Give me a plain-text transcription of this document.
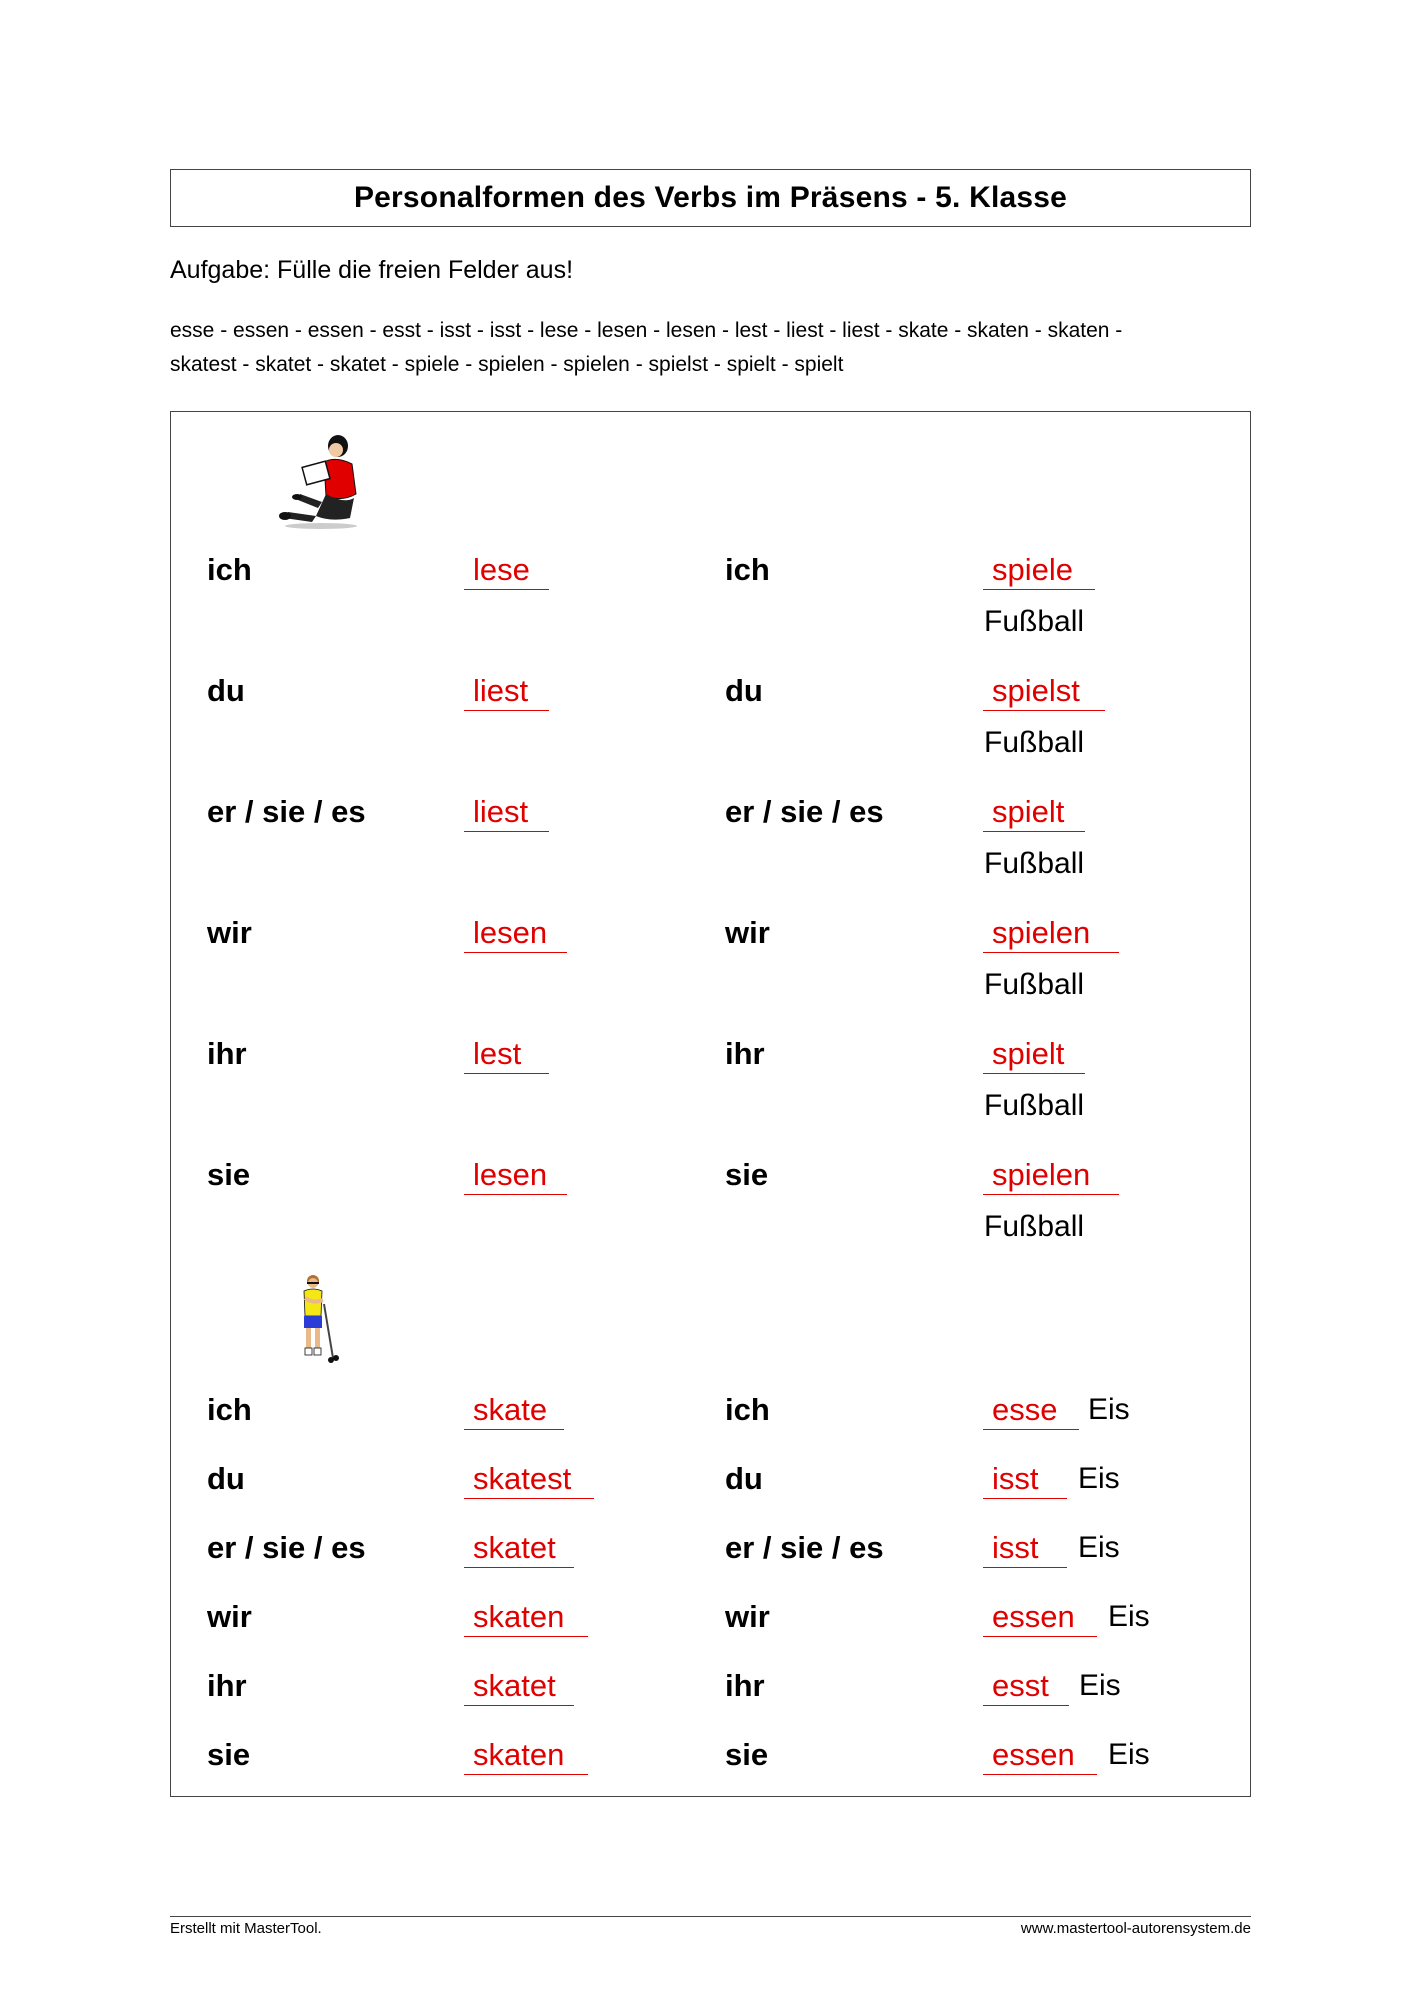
Personalformen des Verbs im Präsens - 5. Klasse
Aufgabe: Fülle die freien Felder aus!
esse - essen - essen - esst - isst - isst - lese - lesen - lesen - lest - liest - liest - skate - skaten - skaten -
skatest - skatet - skatet - spiele - spielen - spielen - spielst - spielt - spielt
ich	lese	ich	spiele
Fußball
du	liest	du	spielst
Fußball
er / sie / es	liest	er / sie / es	spielt
Fußball
wir	lesen	wir	spielen
Fußball
ihr	lest	ihr	spielt
Fußball
sie	lesen	sie	spielen
Fußball
ich	skate	ich	esse	Eis
du	skatest	du	isst	Eis
er / sie / es	skatet	er / sie / es	isst	Eis
wir	skaten	wir	essen	Eis
ihr	skatet	ihr	esst	Eis
sie	skaten	sie	essen	Eis
Erstellt mit MasterTool.	www.mastertool-autorensystem.de
